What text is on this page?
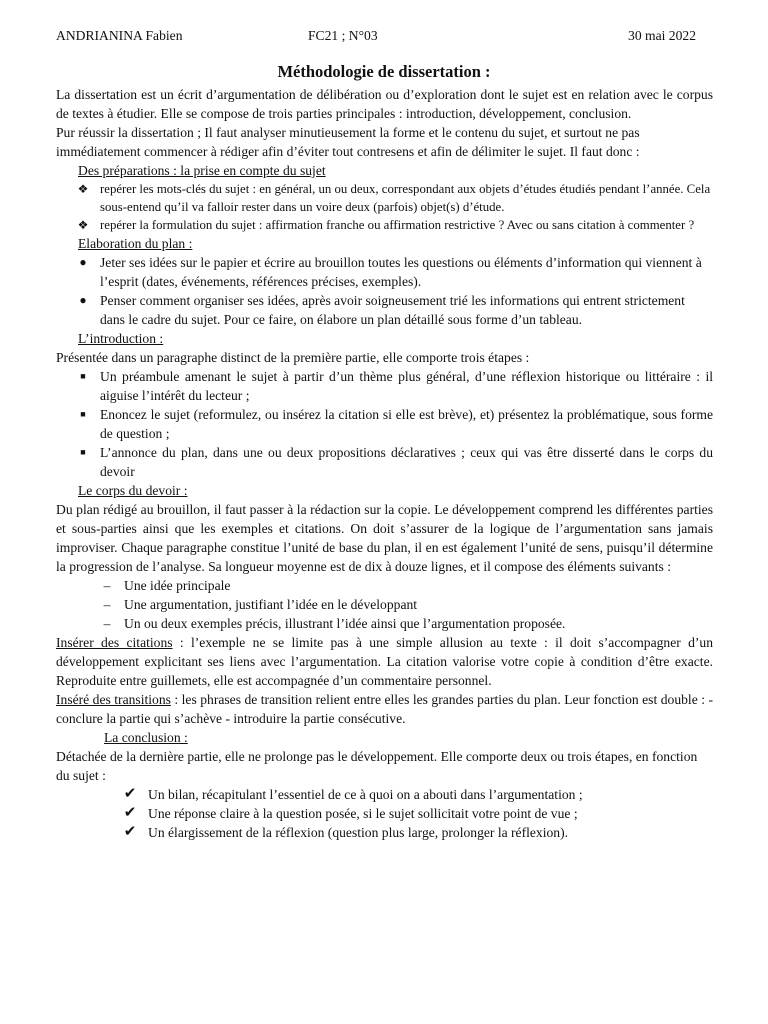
ANDRIANINA Fabien	FC21 ; N°03	30 mai 2022
Méthodologie de dissertation :

La dissertation est un écrit d’argumentation de délibération ou d’exploration dont le sujet est en relation avec le corpus de textes à étudier. Elle se compose de trois parties principales : introduction, développement, conclusion.

Pur réussir la dissertation ; Il faut analyser minutieusement la forme et le contenu du sujet, et surtout ne pas immédiatement commencer à rédiger afin d’éviter tout contresens et afin de délimiter le sujet. Il faut donc :

Des préparations : la prise en compte du sujet

❖ repérer les mots-clés du sujet : en général, un ou deux, correspondant aux objets d’études étudiés pendant l’année. Cela sous-entend qu’il va falloir rester dans un voire deux (parfois) objet(s) d’étude.
❖ repérer la formulation du sujet : affirmation franche ou affirmation restrictive ? Avec ou sans citation à commenter ?

Elaboration du plan :

● Jeter ses idées sur le papier et écrire au brouillon toutes les questions ou éléments d’information qui viennent à l’esprit (dates, événements, références précises, exemples).
● Penser comment organiser ses idées, après avoir soigneusement trié les informations qui entrent strictement dans le cadre du sujet. Pour ce faire, on élabore un plan détaillé sous forme d’un tableau.

L’introduction :

Présentée dans un paragraphe distinct de la première partie, elle comporte trois étapes :

■	Un préambule amenant le sujet à partir d’un thème plus général, d’une réflexion historique ou littéraire : il aiguise l’intérêt du lecteur ;
■	Enoncez le sujet (reformulez, ou insérez la citation si elle est brève), et) présentez la problématique, sous forme de question ;
■	L’annonce du plan, dans une ou deux propositions déclaratives ; ceux qui vas être disserté dans le corps du devoir

Le corps du devoir :

Du plan rédigé au brouillon, il faut passer à la rédaction sur la copie. Le développement comprend les différentes parties et sous-parties ainsi que les exemples et citations. On doit s’assurer de la logique de l’argumentation sans jamais improviser. Chaque paragraphe constitue l’unité de base du plan, il en est également l’unité de sens, puisqu’il détermine la progression de l’analyse. Sa longueur moyenne est de dix à douze lignes, et il compose des éléments suivants :

– Une idée principale
– Une argumentation, justifiant l’idée en le développant
– Un ou deux exemples précis, illustrant l’idée ainsi que l’argumentation proposée.

Insérer des citations : l’exemple ne se limite pas à une simple allusion au texte : il doit s’accompagner d’un développement explicitant ses liens avec l’argumentation. La citation valorise votre copie à condition d’être exacte. Reproduite entre guillemets, elle est accompagnée d’un commentaire personnel.

Inséré des transitions : les phrases de transition relient entre elles les grandes parties du plan. Leur fonction est double : - conclure la partie qui s’achève - introduire la partie consécutive.

La conclusion :

Détachée de la dernière partie, elle ne prolonge pas le développement. Elle comporte deux ou trois étapes, en fonction du sujet :

✔ Un bilan, récapitulant l’essentiel de ce à quoi on a abouti dans l’argumentation ;
✔ Une réponse claire à la question posée, si le sujet sollicitait votre point de vue ;
✔ Un élargissement de la réflexion (question plus large, prolonger la réflexion).
